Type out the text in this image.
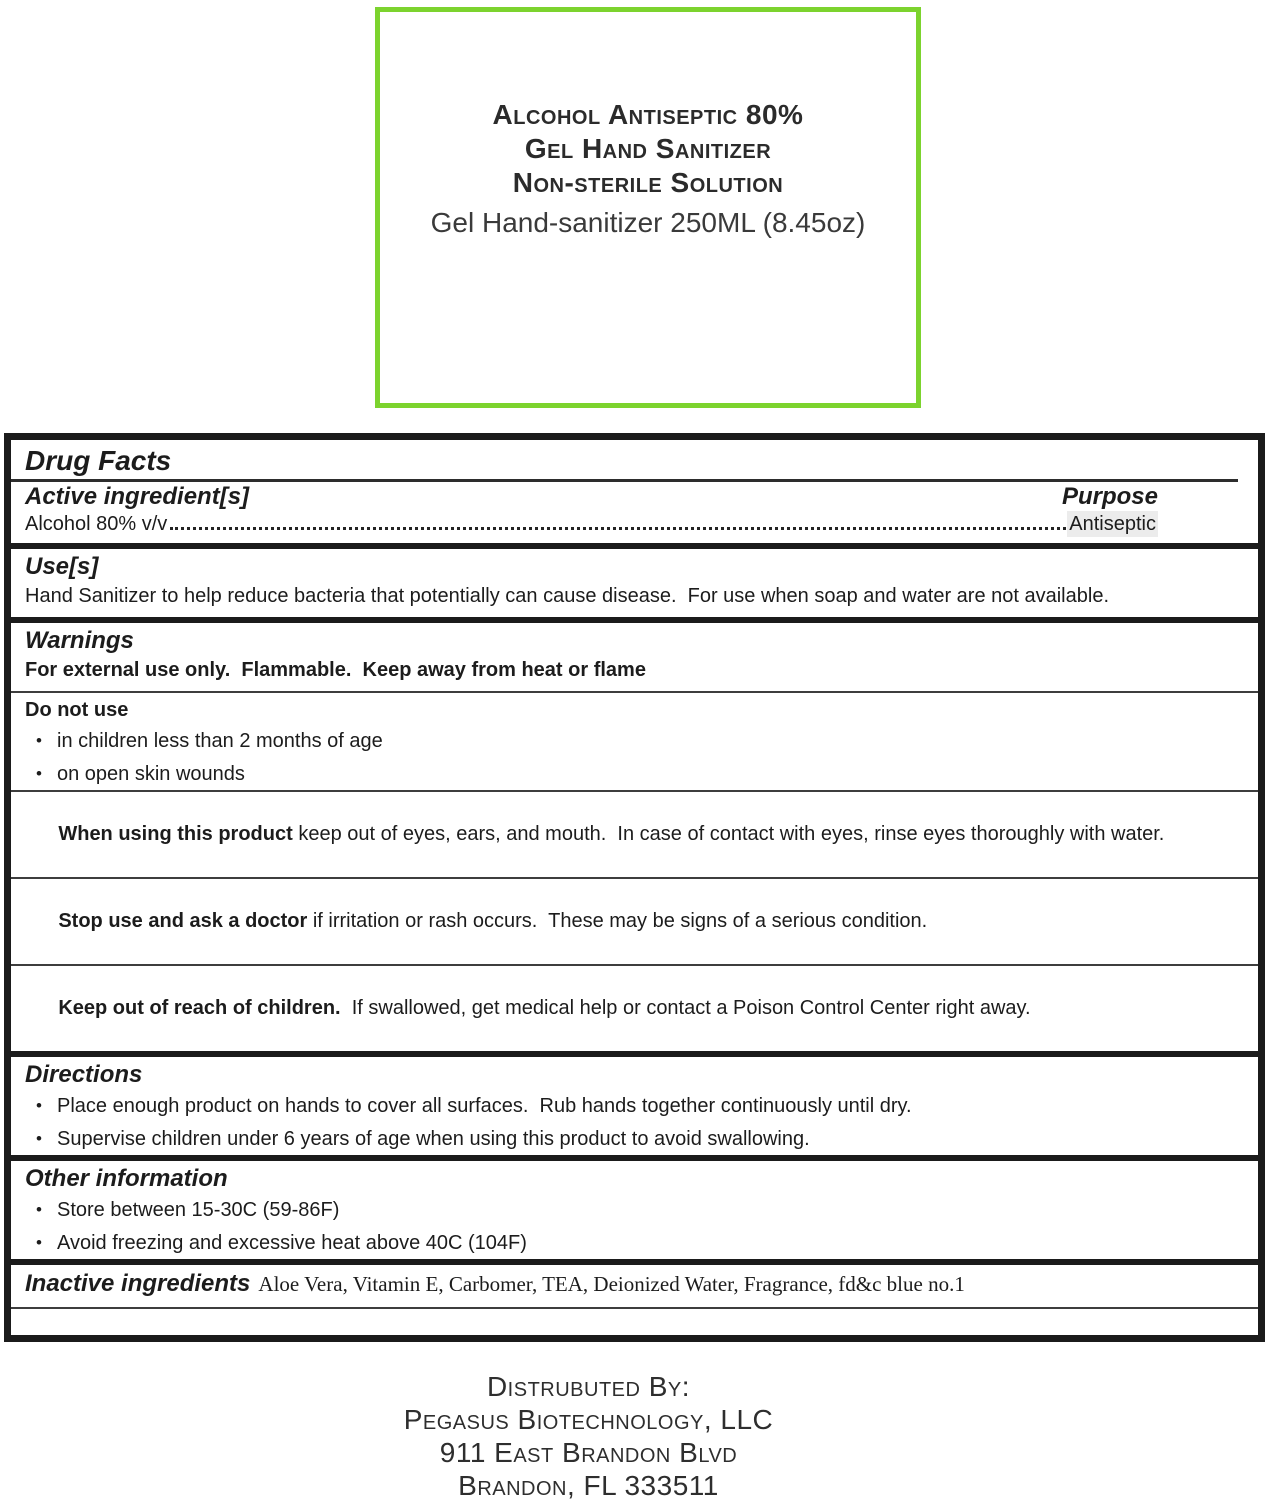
Alcohol Antiseptic 80%
Gel Hand Sanitizer
Non-sterile Solution
Gel Hand-sanitizer 250ML (8.45oz)
Drug Facts
Active ingredient[s]	Purpose
Alcohol 80% v/v	Antiseptic
Use[s]
Hand Sanitizer to help reduce bacteria that potentially can cause disease.  For use when soap and water are not available.
Warnings
For external use only.  Flammable.  Keep away from heat or flame
Do not use
• in children less than 2 months of age
• on open skin wounds

When using this product keep out of eyes, ears, and mouth.  In case of contact with eyes, rinse eyes thoroughly with water.

Stop use and ask a doctor if irritation or rash occurs.  These may be signs of a serious condition.

Keep out of reach of children.  If swallowed, get medical help or contact a Poison Control Center right away.

Directions
• Place enough product on hands to cover all surfaces.  Rub hands together continuously until dry.
• Supervise children under 6 years of age when using this product to avoid swallowing.
Other information
• Store between 15-30C (59-86F)
• Avoid freezing and excessive heat above 40C (104F)
Inactive ingredients Aloe Vera, Vitamin E, Carbomer, TEA, Deionized Water, Fragrance, fd&c blue no.1
Distrubuted By:
Pegasus Biotechnology, LLC
911 East Brandon Blvd
Brandon, FL 333511
